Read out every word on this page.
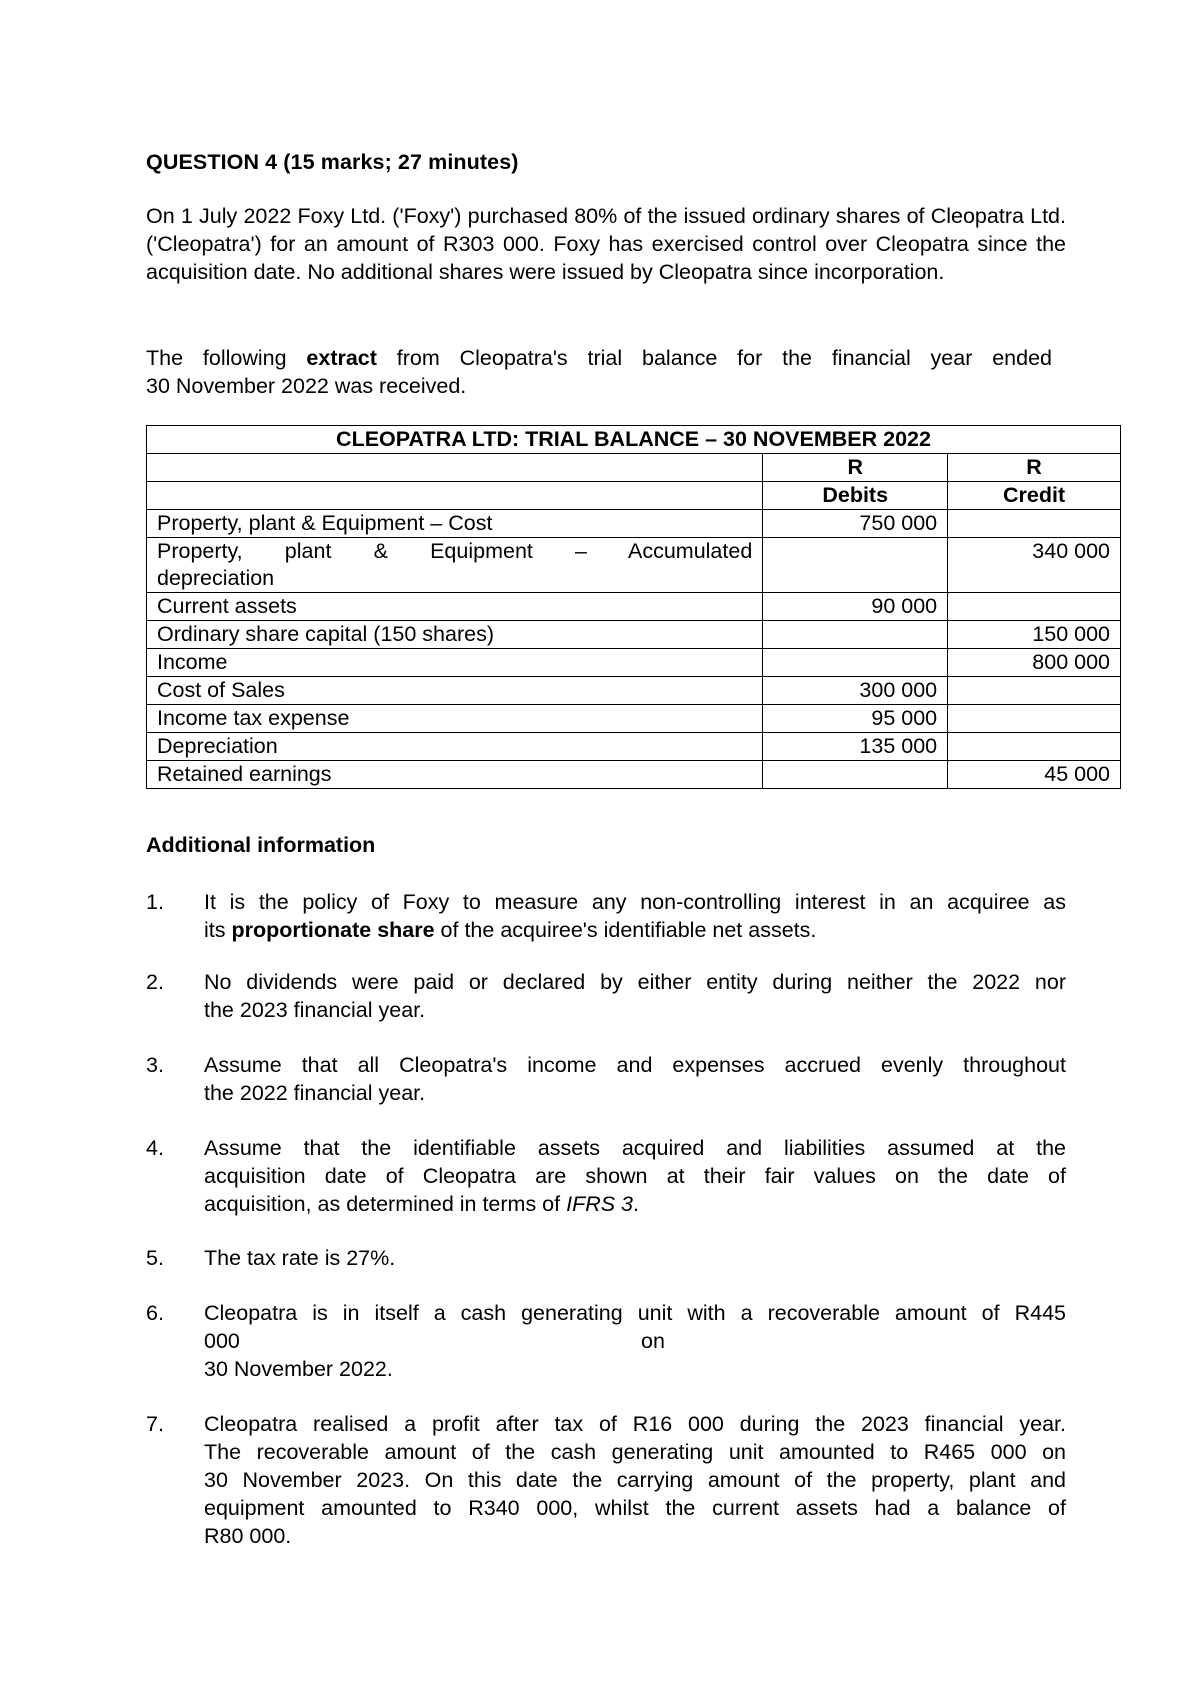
QUESTION 4 (15 marks; 27 minutes)

On 1 July 2022 Foxy Ltd. ('Foxy') purchased 80% of the issued ordinary shares of Cleopatra Ltd. ('Cleopatra') for an amount of R303 000. Foxy has exercised control over Cleopatra since the acquisition date. No additional shares were issued by Cleopatra since incorporation.

The following extract from Cleopatra's trial balance for the financial year ended
30 November 2022 was received.

CLEOPATRA LTD: TRIAL BALANCE – 30 NOVEMBER 2022		
	R	R
	Debits	Credit
Property, plant & Equipment – Cost	750 000	

Property, plant & Equipment – Accumulated
depreciation		340 000
Current assets	90 000	
Ordinary share capital (150 shares)		150 000
Income		800 000
Cost of Sales	300 000	
Income tax expense	95 000	
Depreciation	135 000	
Retained earnings		45 000

Additional information

1.	It is the policy of Foxy to measure any non-controlling interest in an acquiree as
its proportionate share of the acquiree's identifiable net assets.
2.	No dividends were paid or declared by either entity during neither the 2022 nor
the 2023 financial year.
3.	Assume that all Cleopatra's income and expenses accrued evenly throughout
the 2022 financial year.
4.	Assume that the identifiable assets acquired and liabilities assumed at the
acquisition date of Cleopatra are shown at their fair values on the date of
acquisition, as determined in terms of IFRS 3.
5.	The tax rate is 27%.
6.	Cleopatra is in itself a cash generating unit with a recoverable amount of R445
000	on
30 November 2022.
7.	Cleopatra realised a profit after tax of R16 000 during the 2023 financial year.
The recoverable amount of the cash generating unit amounted to R465 000 on
30 November 2023. On this date the carrying amount of the property, plant and
equipment amounted to R340 000, whilst the current assets had a balance of
R80 000.
